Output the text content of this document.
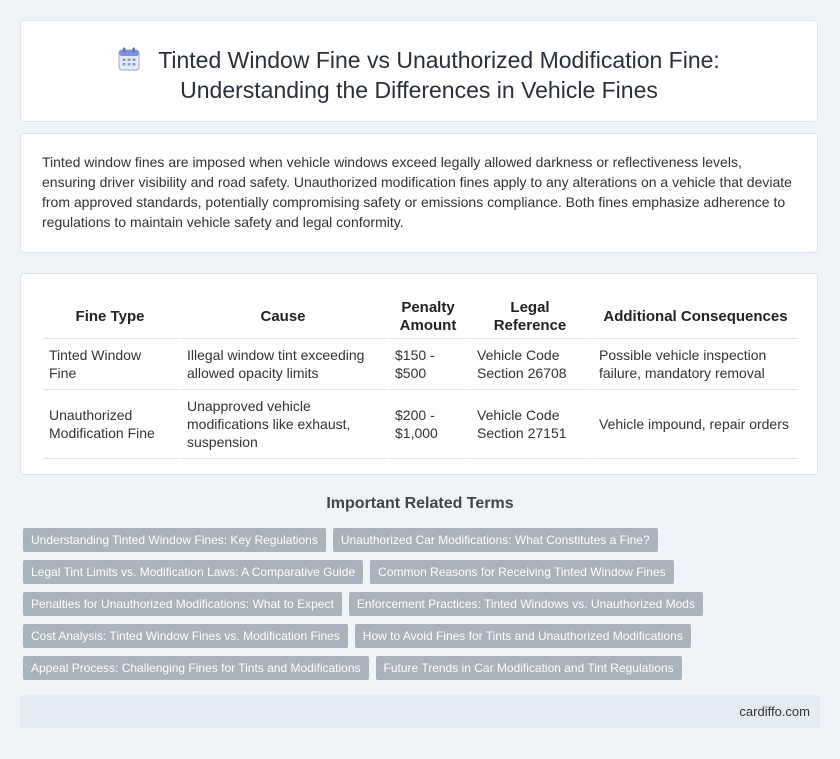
Tinted Window Fine vs Unauthorized Modification Fine:
Understanding the Differences in Vehicle Fines

Tinted window fines are imposed when vehicle windows exceed legally allowed darkness or reflectiveness levels, ensuring driver visibility and road safety. Unauthorized modification fines apply to any alterations on a vehicle that deviate from approved standards, potentially compromising safety or emissions compliance. Both fines emphasize adherence to regulations to maintain vehicle safety and legal conformity.

Fine Type	Cause	Penalty Amount	Legal Reference	Additional Consequences
Tinted Window Fine	Illegal window tint exceeding allowed opacity limits	$150 - $500	Vehicle Code Section 26708	Possible vehicle inspection failure, mandatory removal
Unauthorized Modification Fine	Unapproved vehicle modifications like exhaust, suspension	$200 - $1,000	Vehicle Code Section 27151	Vehicle impound, repair orders
Important Related Terms
Understanding Tinted Window Fines: Key Regulations Unauthorized Car Modifications: What Constitutes a Fine?
Legal Tint Limits vs. Modification Laws: A Comparative Guide Common Reasons for Receiving Tinted Window Fines
Penalties for Unauthorized Modifications: What to Expect Enforcement Practices: Tinted Windows vs. Unauthorized Mods
Cost Analysis: Tinted Window Fines vs. Modification Fines How to Avoid Fines for Tints and Unauthorized Modifications
Appeal Process: Challenging Fines for Tints and Modifications Future Trends in Car Modification and Tint Regulations
cardiffo.com
